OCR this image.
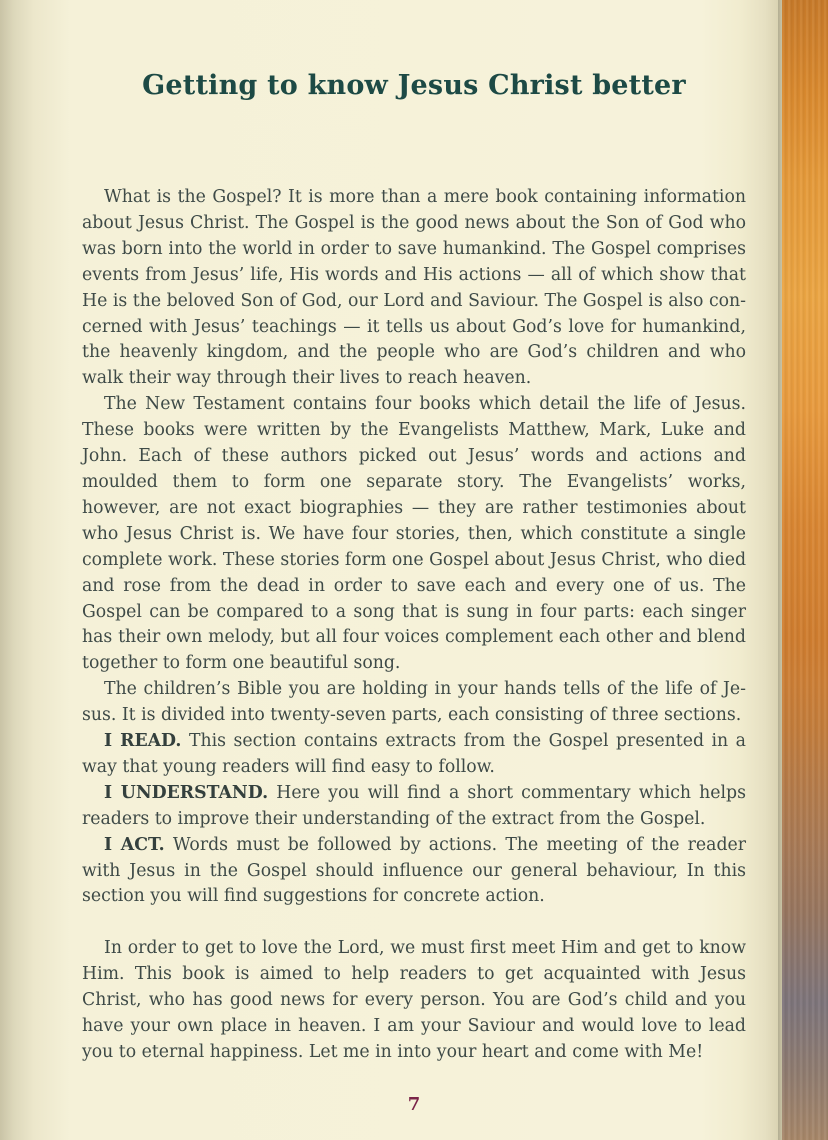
Getting to know Jesus Christ better

What is the Gospel? It is more than a mere book containing information about Jesus Christ. The Gospel is the good news about the Son of God who was born into the world in order to save humankind. The Gospel comprises events from Jesus’ life, His words and His actions — all of which show that He is the beloved Son of God, our Lord and Saviour. The Gospel is also concerned with Jesus’ teachings — it tells us about God’s love for humankind, the heavenly kingdom, and the people who are God’s children and who walk their way through their lives to reach heaven.

The New Testament contains four books which detail the life of Jesus. These books were written by the Evangelists Matthew, Mark, Luke and John. Each of these authors picked out Jesus’ words and actions and moulded them to form one separate story. The Evangelists’ works, however, are not exact biographies — they are rather testimonies about who Jesus Christ is. We have four stories, then, which constitute a single complete work. These stories form one Gospel about Jesus Christ, who died and rose from the dead in order to save each and every one of us. The Gospel can be compared to a song that is sung in four parts: each singer has their own melody, but all four voices complement each other and blend together to form one beautiful song.

The children’s Bible you are holding in your hands tells of the life of Jesus. It is divided into twenty-seven parts, each consisting of three sections.

I READ. This section contains extracts from the Gospel presented in a way that young readers will find easy to follow.

I UNDERSTAND. Here you will find a short commentary which helps readers to improve their understanding of the extract from the Gospel.

I ACT. Words must be followed by actions. The meeting of the reader with Jesus in the Gospel should influence our general behaviour, In this section you will find suggestions for concrete action.

In order to get to love the Lord, we must first meet Him and get to know Him. This book is aimed to help readers to get acquainted with Jesus Christ, who has good news for every person. You are God’s child and you have your own place in heaven. I am your Saviour and would love to lead you to eternal happiness. Let me in into your heart and come with Me!

7
